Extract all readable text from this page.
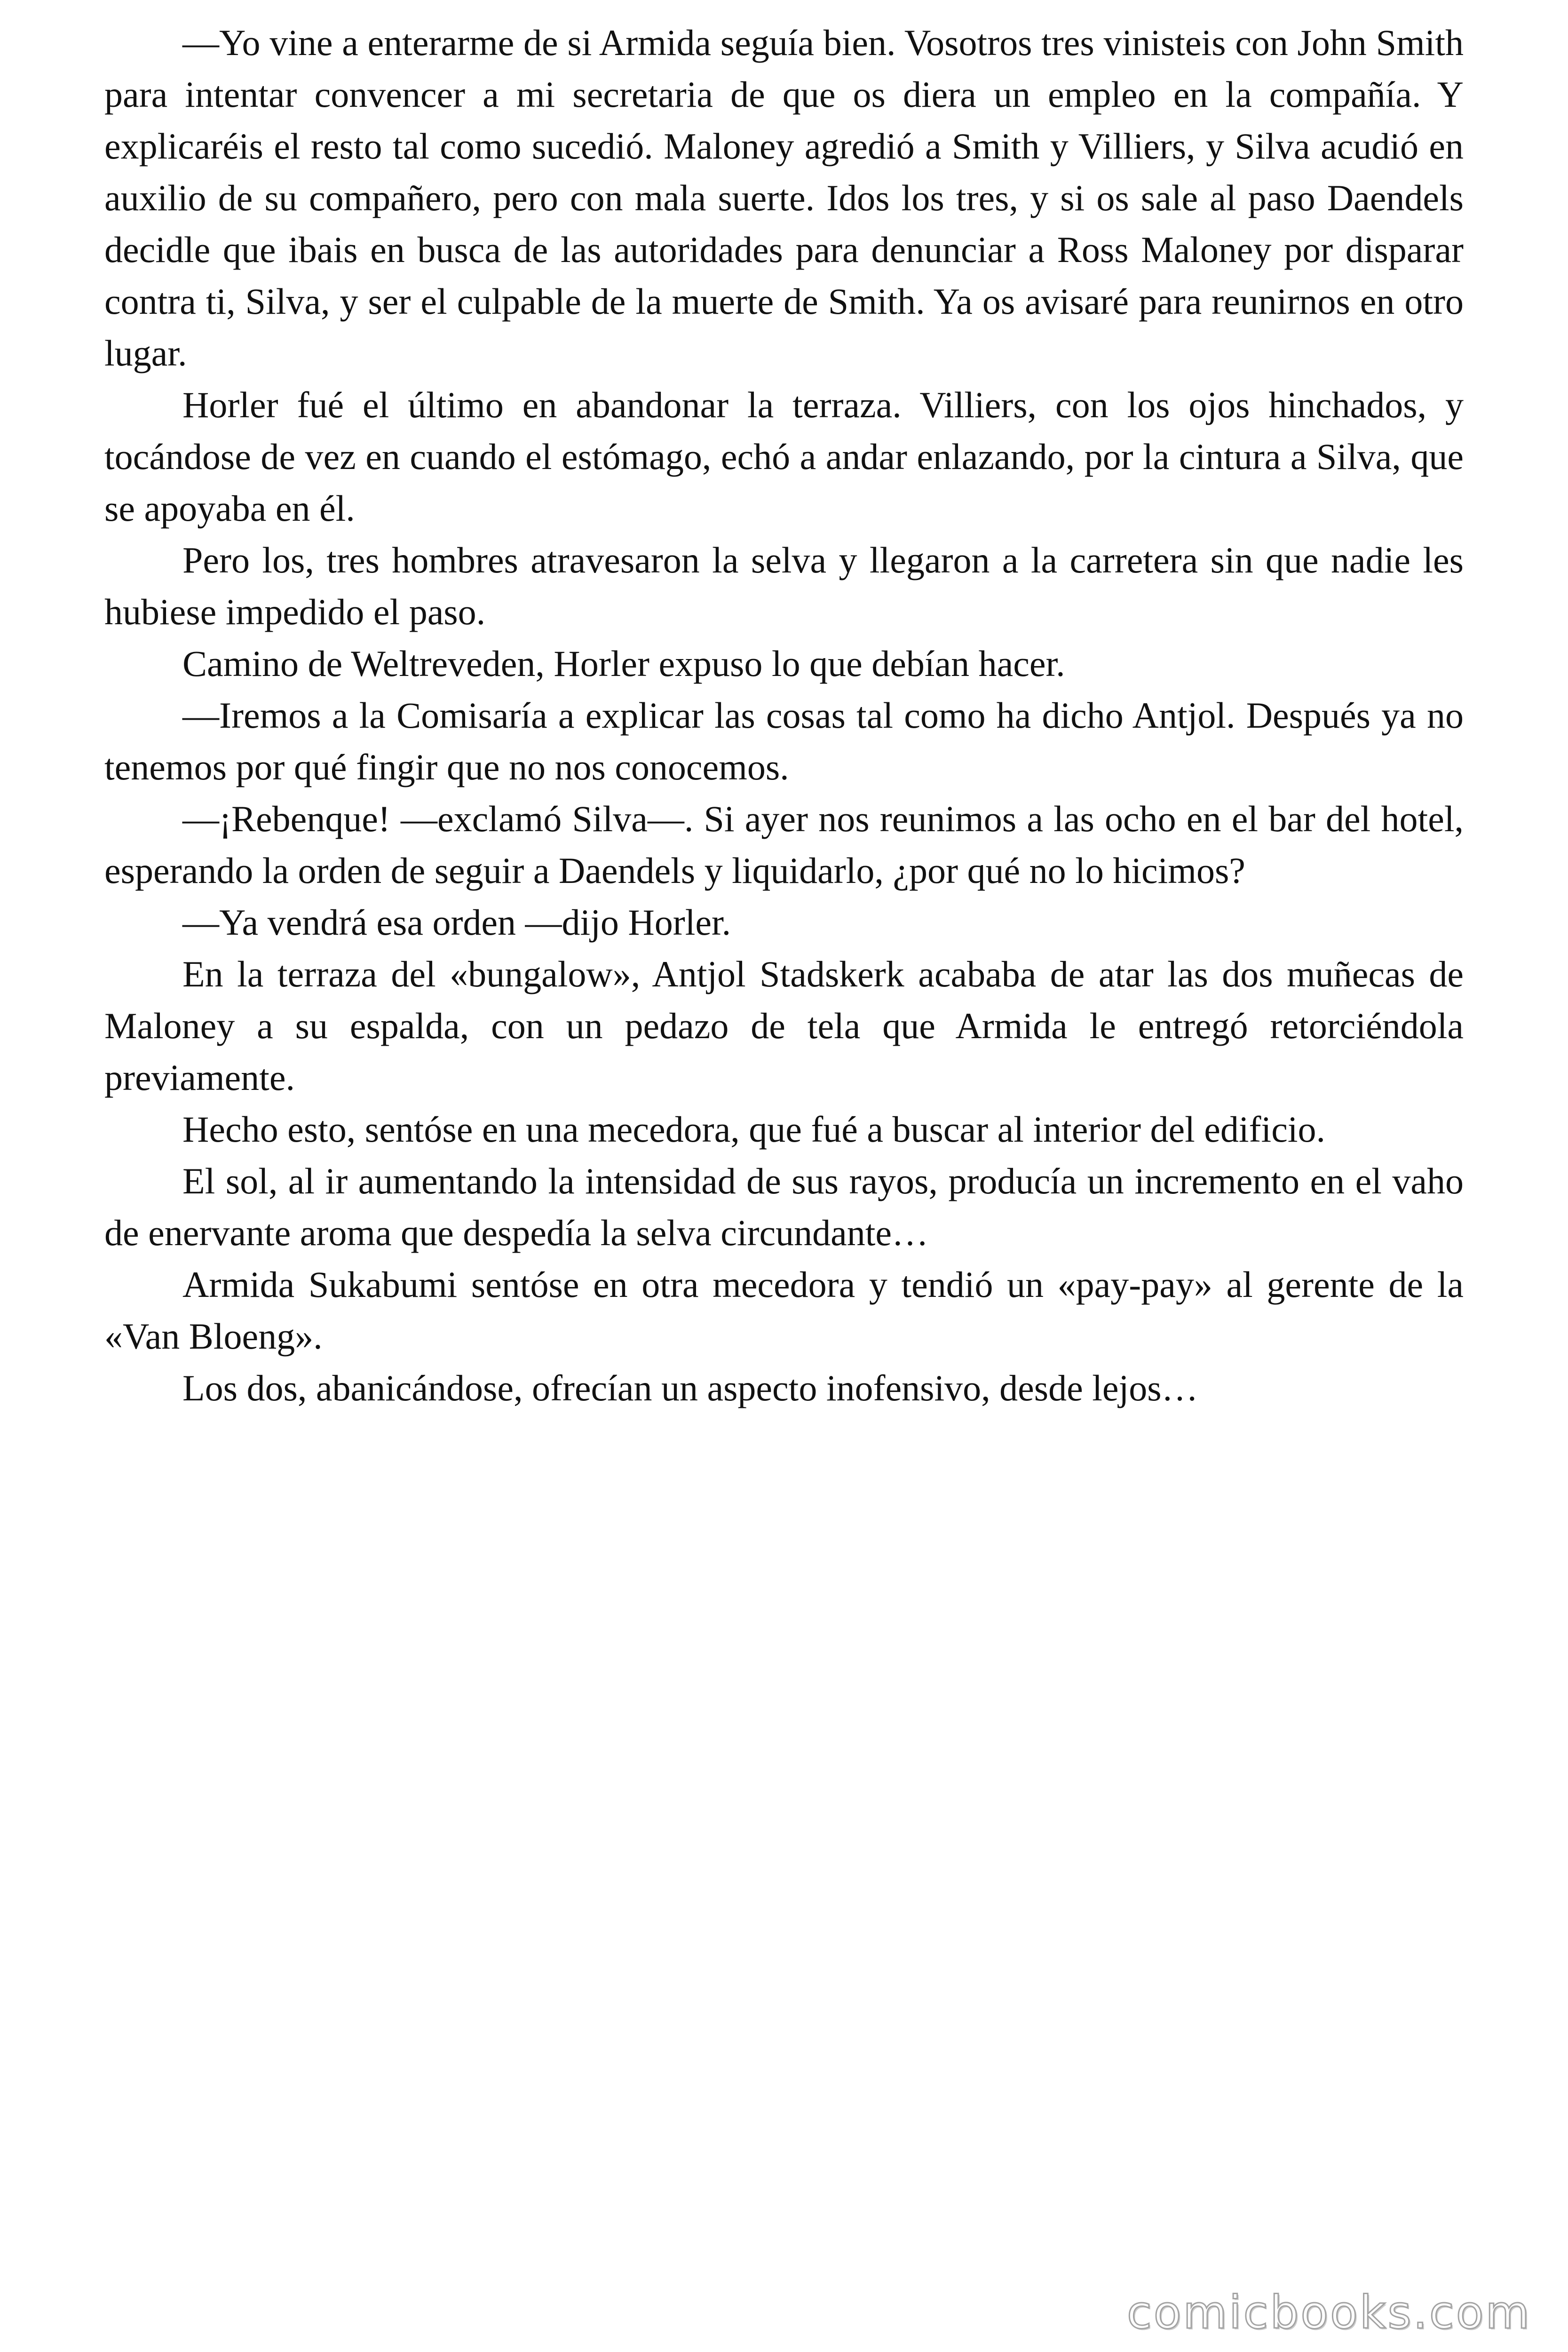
—Yo vine a enterarme de si Armida seguía bien. Vosotros tres vinisteis con John Smith para intentar convencer a mi secretaria de que os diera un empleo en la compañía. Y explicaréis el resto tal como sucedió. Maloney agredió a Smith y Villiers, y Silva acudió en auxilio de su compañero, pero con mala suerte. Idos los tres, y si os sale al paso Daendels decidle que ibais en busca de las autoridades para denunciar a Ross Maloney por disparar contra ti, Silva, y ser el culpable de la muerte de Smith. Ya os avisaré para reunirnos en otro lugar.

Horler fué el último en abandonar la terraza. Villiers, con los ojos hinchados, y tocándose de vez en cuando el estómago, echó a andar enlazando, por la cintura a Silva, que se apoyaba en él.

Pero los, tres hombres atravesaron la selva y llegaron a la carretera sin que nadie les hubiese impedido el paso.

Camino de Weltreveden, Horler expuso lo que debían hacer.

—Iremos a la Comisaría a explicar las cosas tal como ha dicho Antjol. Después ya no tenemos por qué fingir que no nos conocemos.

—¡Rebenque! —exclamó Silva—. Si ayer nos reunimos a las ocho en el bar del hotel, esperando la orden de seguir a Daendels y liquidarlo, ¿por qué no lo hicimos?

—Ya vendrá esa orden —dijo Horler.

En la terraza del «bungalow», Antjol Stadskerk acababa de atar las dos muñecas de Maloney a su espalda, con un pedazo de tela que Armida le entregó retorciéndola previamente.

Hecho esto, sentóse en una mecedora, que fué a buscar al interior del edificio.

El sol, al ir aumentando la intensidad de sus rayos, producía un incremento en el vaho de enervante aroma que despedía la selva circundante…

Armida Sukabumi sentóse en otra mecedora y tendió un «pay-pay» al gerente de la «Van Bloeng».

Los dos, abanicándose, ofrecían un aspecto inofensivo, desde lejos…

comicbooks.com
